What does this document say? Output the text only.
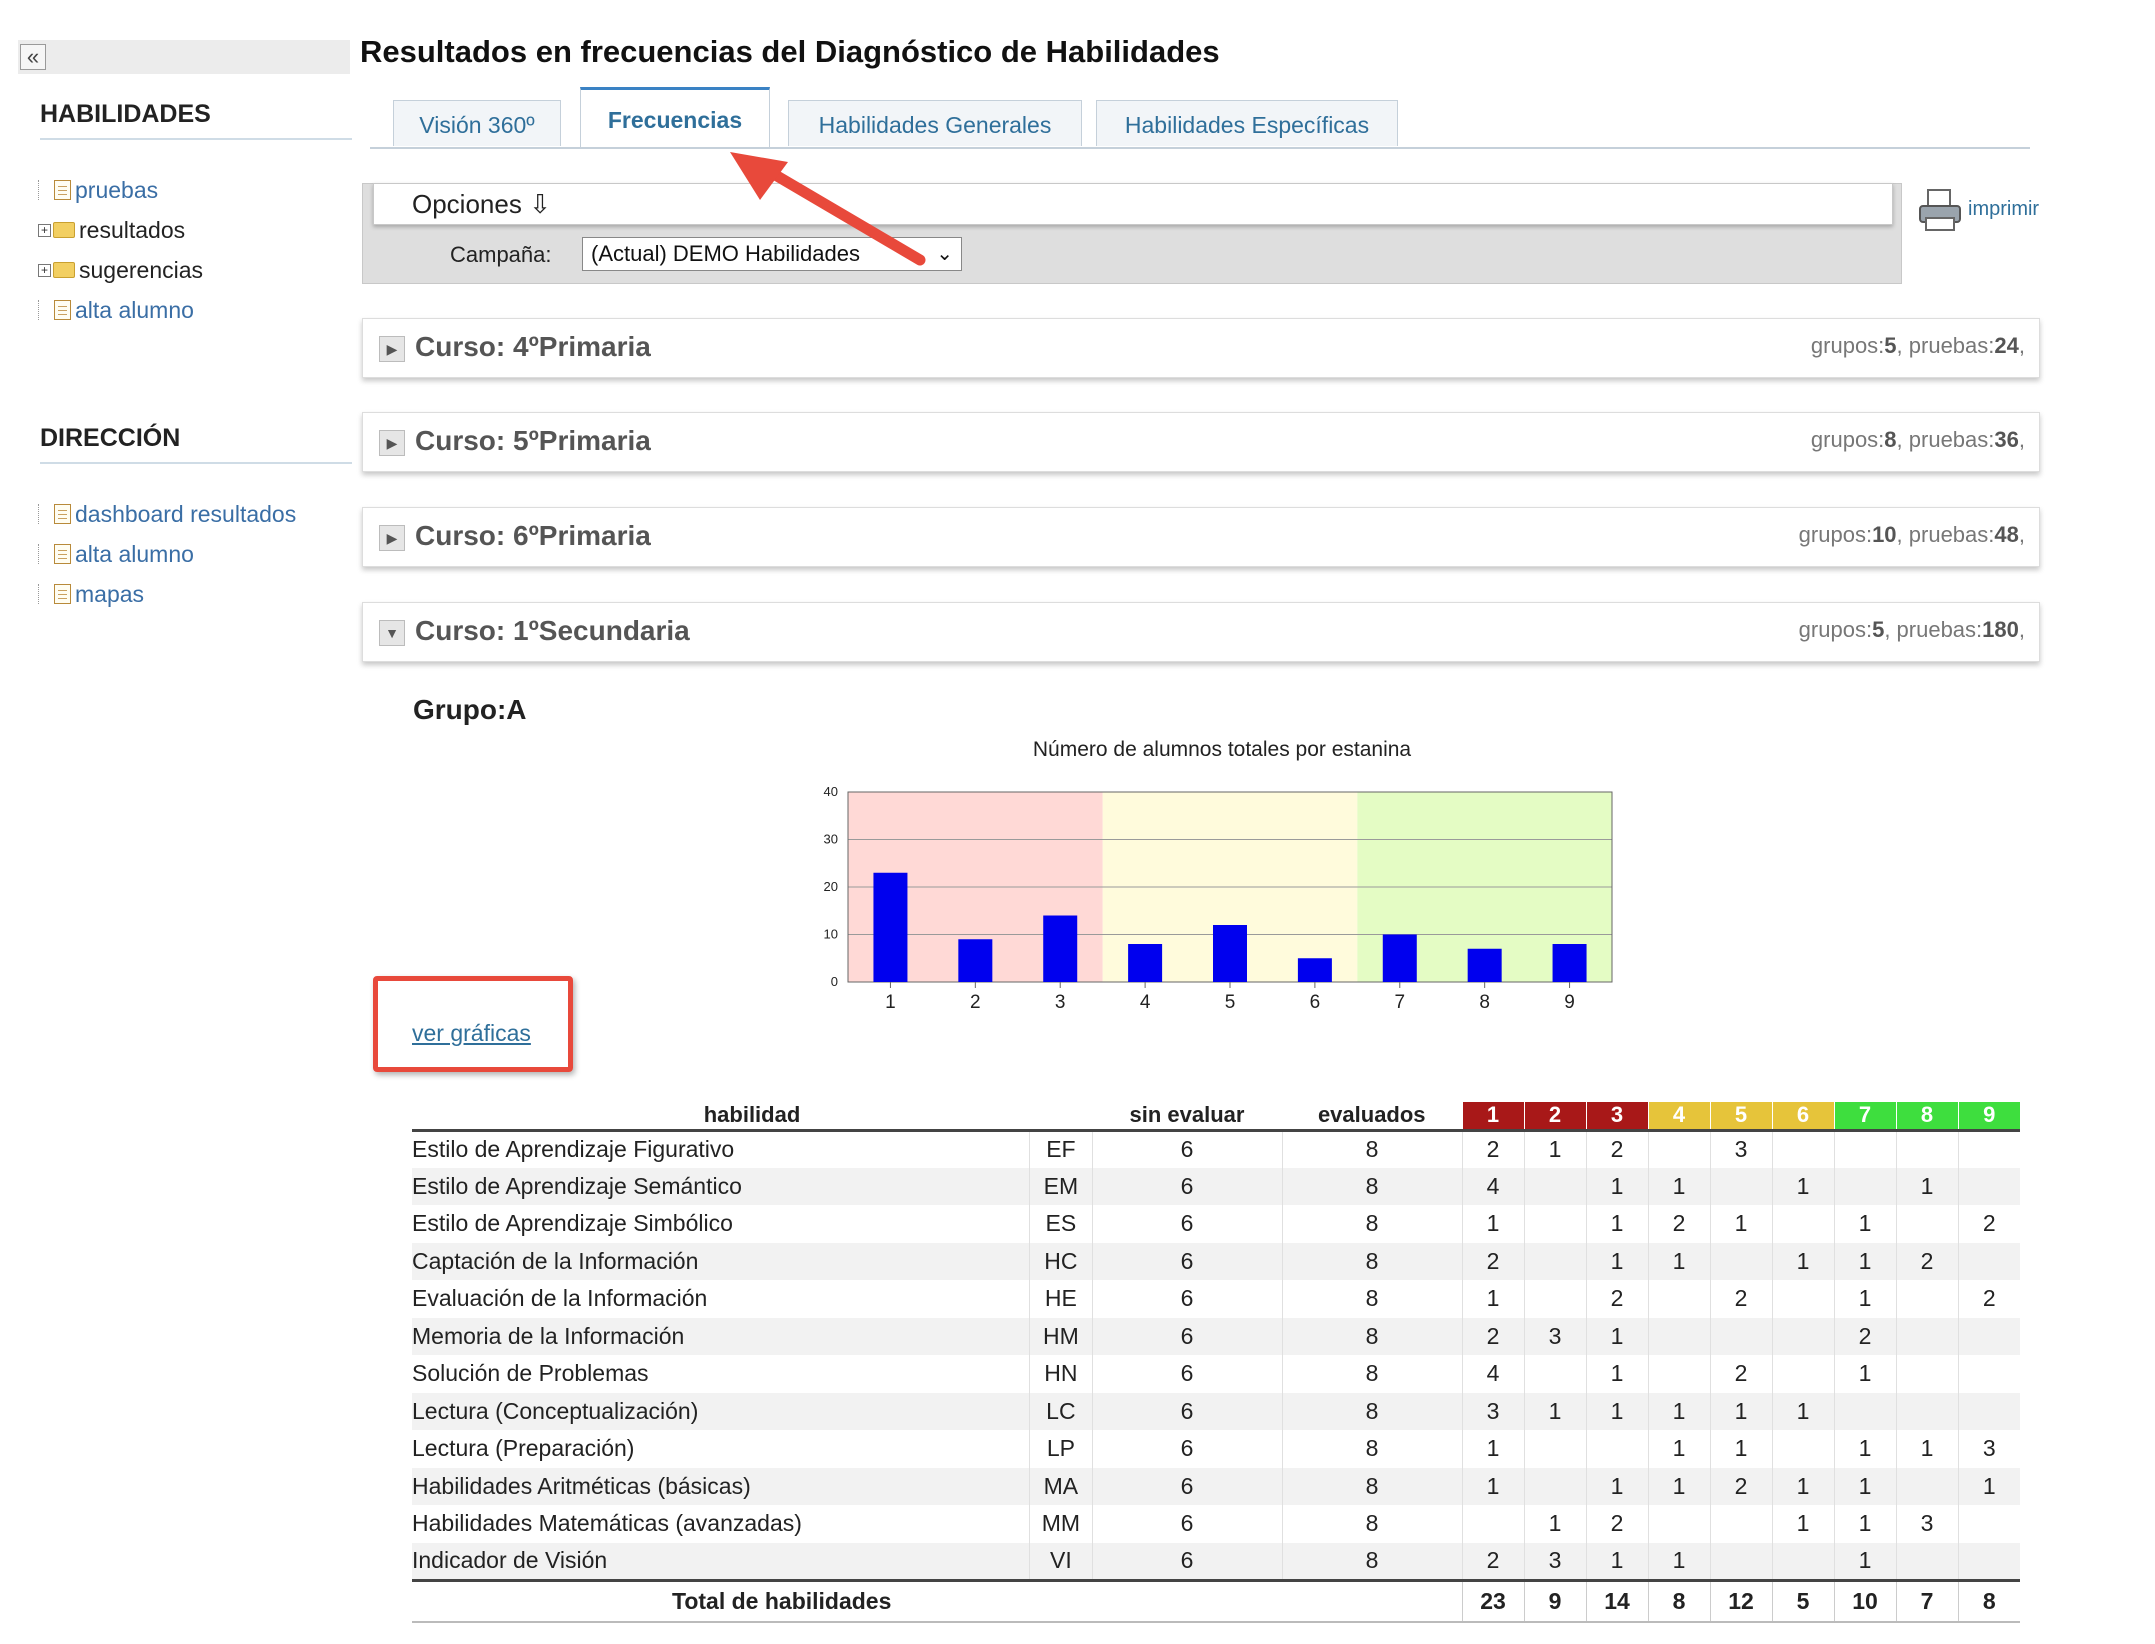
«
HABILIDADES
pruebas
+ resultados
+ sugerencias
alta alumno
DIRECCIÓN
dashboard resultados
alta alumno
mapas
Resultados en frecuencias del Diagnóstico de Habilidades
Visión 360º	Frecuencias	Habilidades Generales	Habilidades Específicas
Opciones ⇩
Campaña:	(Actual) DEMO Habilidades	⌄
imprimir
▶ Curso: 4ºPrimaria	grupos:5, pruebas:24,
▶ Curso: 5ºPrimaria	grupos:8, pruebas:36,
▶ Curso: 6ºPrimaria	grupos:10, pruebas:48,
▼ Curso: 1ºSecundaria	grupos:5, pruebas:180,
Grupo:A
Número de alumnos totales por estanina
0
10
20
30
40
1	2	3	4	5	6	7	8	9
ver gráficas
habilidad		sin evaluar	evaluados	1	2	3	4	5	6	7	8	9
Estilo de Aprendizaje Figurativo	EF	6	8	2	1	2		3				
Estilo de Aprendizaje Semántico	EM	6	8	4		1	1		1		1	
Estilo de Aprendizaje Simbólico	ES	6	8	1		1	2	1		1		2
Captación de la Información	HC	6	8	2		1	1		1	1	2	
Evaluación de la Información	HE	6	8	1		2		2		1		2
Memoria de la Información	HM	6	8	2	3	1				2		
Solución de Problemas	HN	6	8	4		1		2		1		
Lectura (Conceptualización)	LC	6	8	3	1	1	1	1	1			
Lectura (Preparación)	LP	6	8	1			1	1		1	1	3
Habilidades Aritméticas (básicas)	MA	6	8	1		1	1	2	1	1		1
Habilidades Matemáticas (avanzadas)	MM	6	8		1	2			1	1	3	
Indicador de Visión	VI	6	8	2	3	1	1			1		
Total de habilidades				23	9	14	8	12	5	10	7	8
